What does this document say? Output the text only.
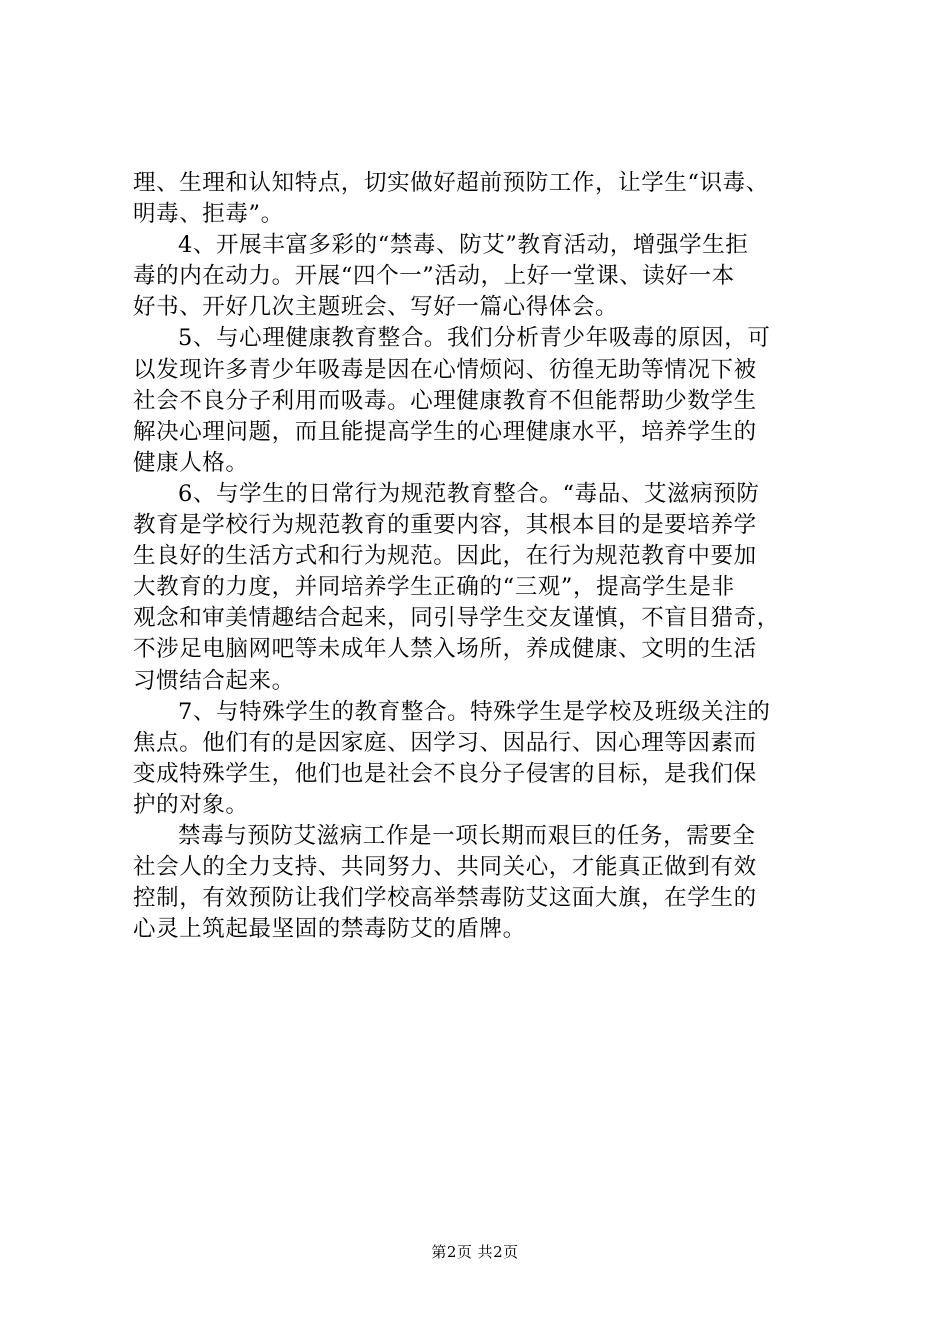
理、生理和认知特点，切实做好超前预防工作，让学生“识毒、
明毒、拒毒”。
4、开展丰富多彩的“禁毒、防艾”教育活动，增强学生拒
毒的内在动力。开展“四个一”活动，上好一堂课、读好一本
好书、开好几次主题班会、写好一篇心得体会。
5、与心理健康教育整合。我们分析青少年吸毒的原因，可
以发现许多青少年吸毒是因在心情烦闷、彷徨无助等情况下被
社会不良分子利用而吸毒。心理健康教育不但能帮助少数学生
解决心理问题，而且能提高学生的心理健康水平，培养学生的
健康人格。
6、与学生的日常行为规范教育整合。“毒品、艾滋病预防
教育是学校行为规范教育的重要内容，其根本目的是要培养学
生良好的生活方式和行为规范。因此，在行为规范教育中要加
大教育的力度，并同培养学生正确的“三观”，提高学生是非
观念和审美情趣结合起来，同引导学生交友谨慎，不盲目猎奇，
不涉足电脑网吧等未成年人禁入场所，养成健康、文明的生活
习惯结合起来。
7、与特殊学生的教育整合。特殊学生是学校及班级关注的
焦点。他们有的是因家庭、因学习、因品行、因心理等因素而
变成特殊学生，他们也是社会不良分子侵害的目标，是我们保
护的对象。
禁毒与预防艾滋病工作是一项长期而艰巨的任务，需要全
社会人的全力支持、共同努力、共同关心，才能真正做到有效
控制，有效预防让我们学校高举禁毒防艾这面大旗，在学生的
心灵上筑起最坚固的禁毒防艾的盾牌。
第2页 共2页
